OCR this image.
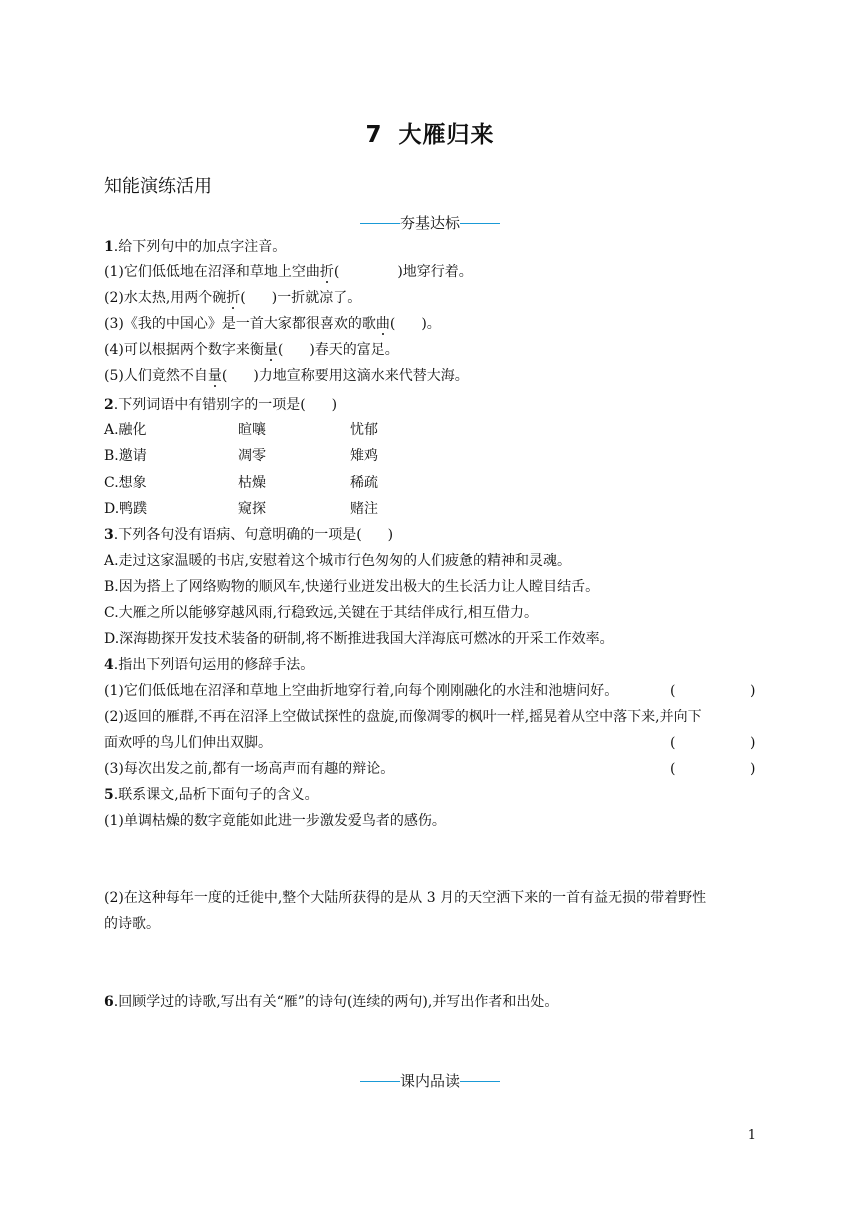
7 大雁归来
知能演练活用
夯基达标
1.给下列句中的加点字注音。
(1)它们低低地在沼泽和草地上空曲折(	)地穿行着。
(2)水太热,用两个碗折( )一折就凉了。
(3)《我的中国心》是一首大家都很喜欢的歌曲( )。
(4)可以根据两个数字来衡量( )春天的富足。
(5)人们竟然不自量( )力地宣称要用这滴水来代替大海。
2.下列词语中有错别字的一项是( )
A.融化	暄嚷	忧郁
B.邀请	凋零	雉鸡
C.想象	枯燥	稀疏
D.鸭蹼	窥探	赌注
3.下列各句没有语病、句意明确的一项是( )
A.走过这家温暖的书店,安慰着这个城市行色匆匆的人们疲惫的精神和灵魂。
B.因为搭上了网络购物的顺风车,快递行业迸发出极大的生长活力让人瞠目结舌。
C.大雁之所以能够穿越风雨,行稳致远,关键在于其结伴成行,相互借力。
D.深海勘探开发技术装备的研制,将不断推进我国大洋海底可燃冰的开采工作效率。
4.指出下列语句运用的修辞手法。
(1)它们低低地在沼泽和草地上空曲折地穿行着,向每个刚刚融化的水洼和池塘问好。	(	)
(2)返回的雁群,不再在沼泽上空做试探性的盘旋,而像凋零的枫叶一样,摇晃着从空中落下来,并向下
面欢呼的鸟儿们伸出双脚。	(	)
(3)每次出发之前,都有一场高声而有趣的辩论。	(	)
5.联系课文,品析下面句子的含义。
(1)单调枯燥的数字竟能如此进一步激发爱鸟者的感伤。
(2)在这种每年一度的迁徙中,整个大陆所获得的是从 3 月的天空洒下来的一首有益无损的带着野性
的诗歌。
6.回顾学过的诗歌,写出有关“雁”的诗句(连续的两句),并写出作者和出处。
课内品读
1
